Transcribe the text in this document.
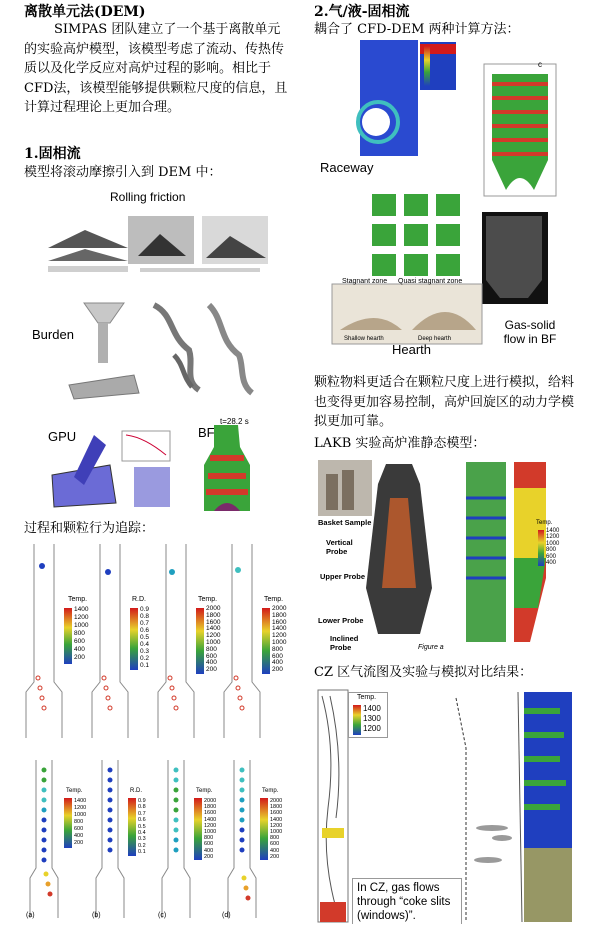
离散单元法(DEM)
SIMPAS 团队建立了一个基于离散单元的实验高炉模型，该模型考虑了流动、传热传质以及化学反应对高炉过程的影响。相比于CFD法，该模型能够提供颗粒尺度的信息，且计算过程理论上更加合理。
1.固相流
模型将滚动摩擦引入到 DEM 中：
Rolling friction
Burden
GPU	BF
t=28.2 s
过程和颗粒行为追踪：
Temp.	R.D.	Temp.	Temp.
1400
1200
1000
800
600
400
200
0.9
0.8
0.7
0.6
0.5
0.4
0.3
0.2
0.1
2000
1800
1600
1400
1200
1000
800
600
400
200
2000
1800
1600
1400
1200
1000
800
600
400
200
Temp.	R.D.	Temp.	Temp.
1400
1200
1000
800
600
400
200
0.9
0.8
0.7
0.6
0.5
0.4
0.3
0.2
0.1
2000
1800
1600
1400
1200
1000
800
600
400
200
2000
1800
1600
1400
1200
1000
800
600
400
200
(a)	(b)	(c)	(d)
2.气/液-固相流
耦合了 CFD-DEM 两种计算方法：
Raceway
c
Stagnant zone Quasi stagnant zone
Shallow hearth	Deep hearth
Hearth
Gas-solid flow in BF
颗粒物料更适合在颗粒尺度上进行模拟，给料也变得更加容易控制，高炉回旋区的动力学模拟更加可靠。
LAKB 实验高炉准静态模型：
Basket Sample
Vertical Probe
Upper Probe
Lower Probe
Inclined Probe	Figure a
Temp.
1400
1200
1000
800
600
400
CZ 区气流图及实验与模拟对比结果：
Temp.
1400
1300
1200
In CZ, gas flows through “coke slits (windows)”.
